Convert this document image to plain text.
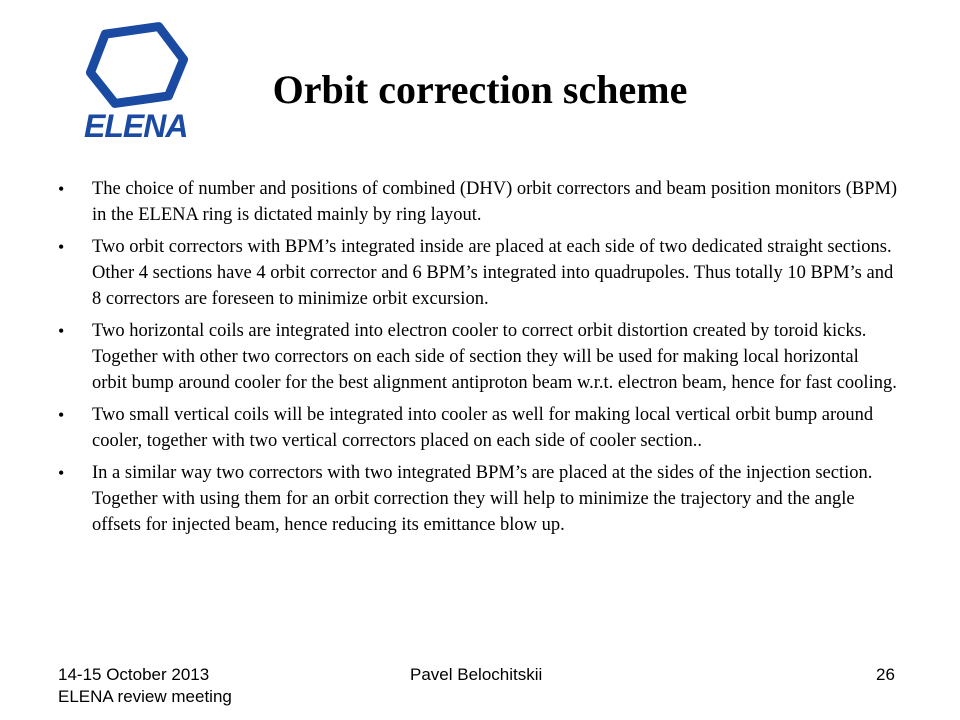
ELENA
Orbit correction scheme
• The choice of number and positions of combined (DHV) orbit correctors and beam position monitors (BPM) in the ELENA ring is dictated mainly by ring layout.
• Two orbit correctors with BPM’s integrated inside are placed at each side of two dedicated straight sections. Other 4 sections have 4 orbit corrector and 6 BPM’s integrated into quadrupoles. Thus totally 10 BPM’s and 8 correctors are foreseen to minimize orbit excursion.
• Two horizontal coils are integrated into electron cooler to correct orbit distortion created by toroid kicks. Together with other two correctors on each side of section they will be used for making local horizontal orbit bump around cooler for the best alignment antiproton beam w.r.t. electron beam, hence for fast cooling.
• Two small vertical coils will be integrated into cooler as well for making local vertical orbit bump around cooler, together with two vertical correctors placed on each side of cooler section..
• In a similar way two correctors with two integrated BPM’s are placed at the sides of the injection section. Together with using them for an orbit correction they will help to minimize the trajectory and the angle offsets for injected beam, hence reducing its emittance blow up.
14-15 October 2013
ELENA review meeting
Pavel Belochitskii	26
